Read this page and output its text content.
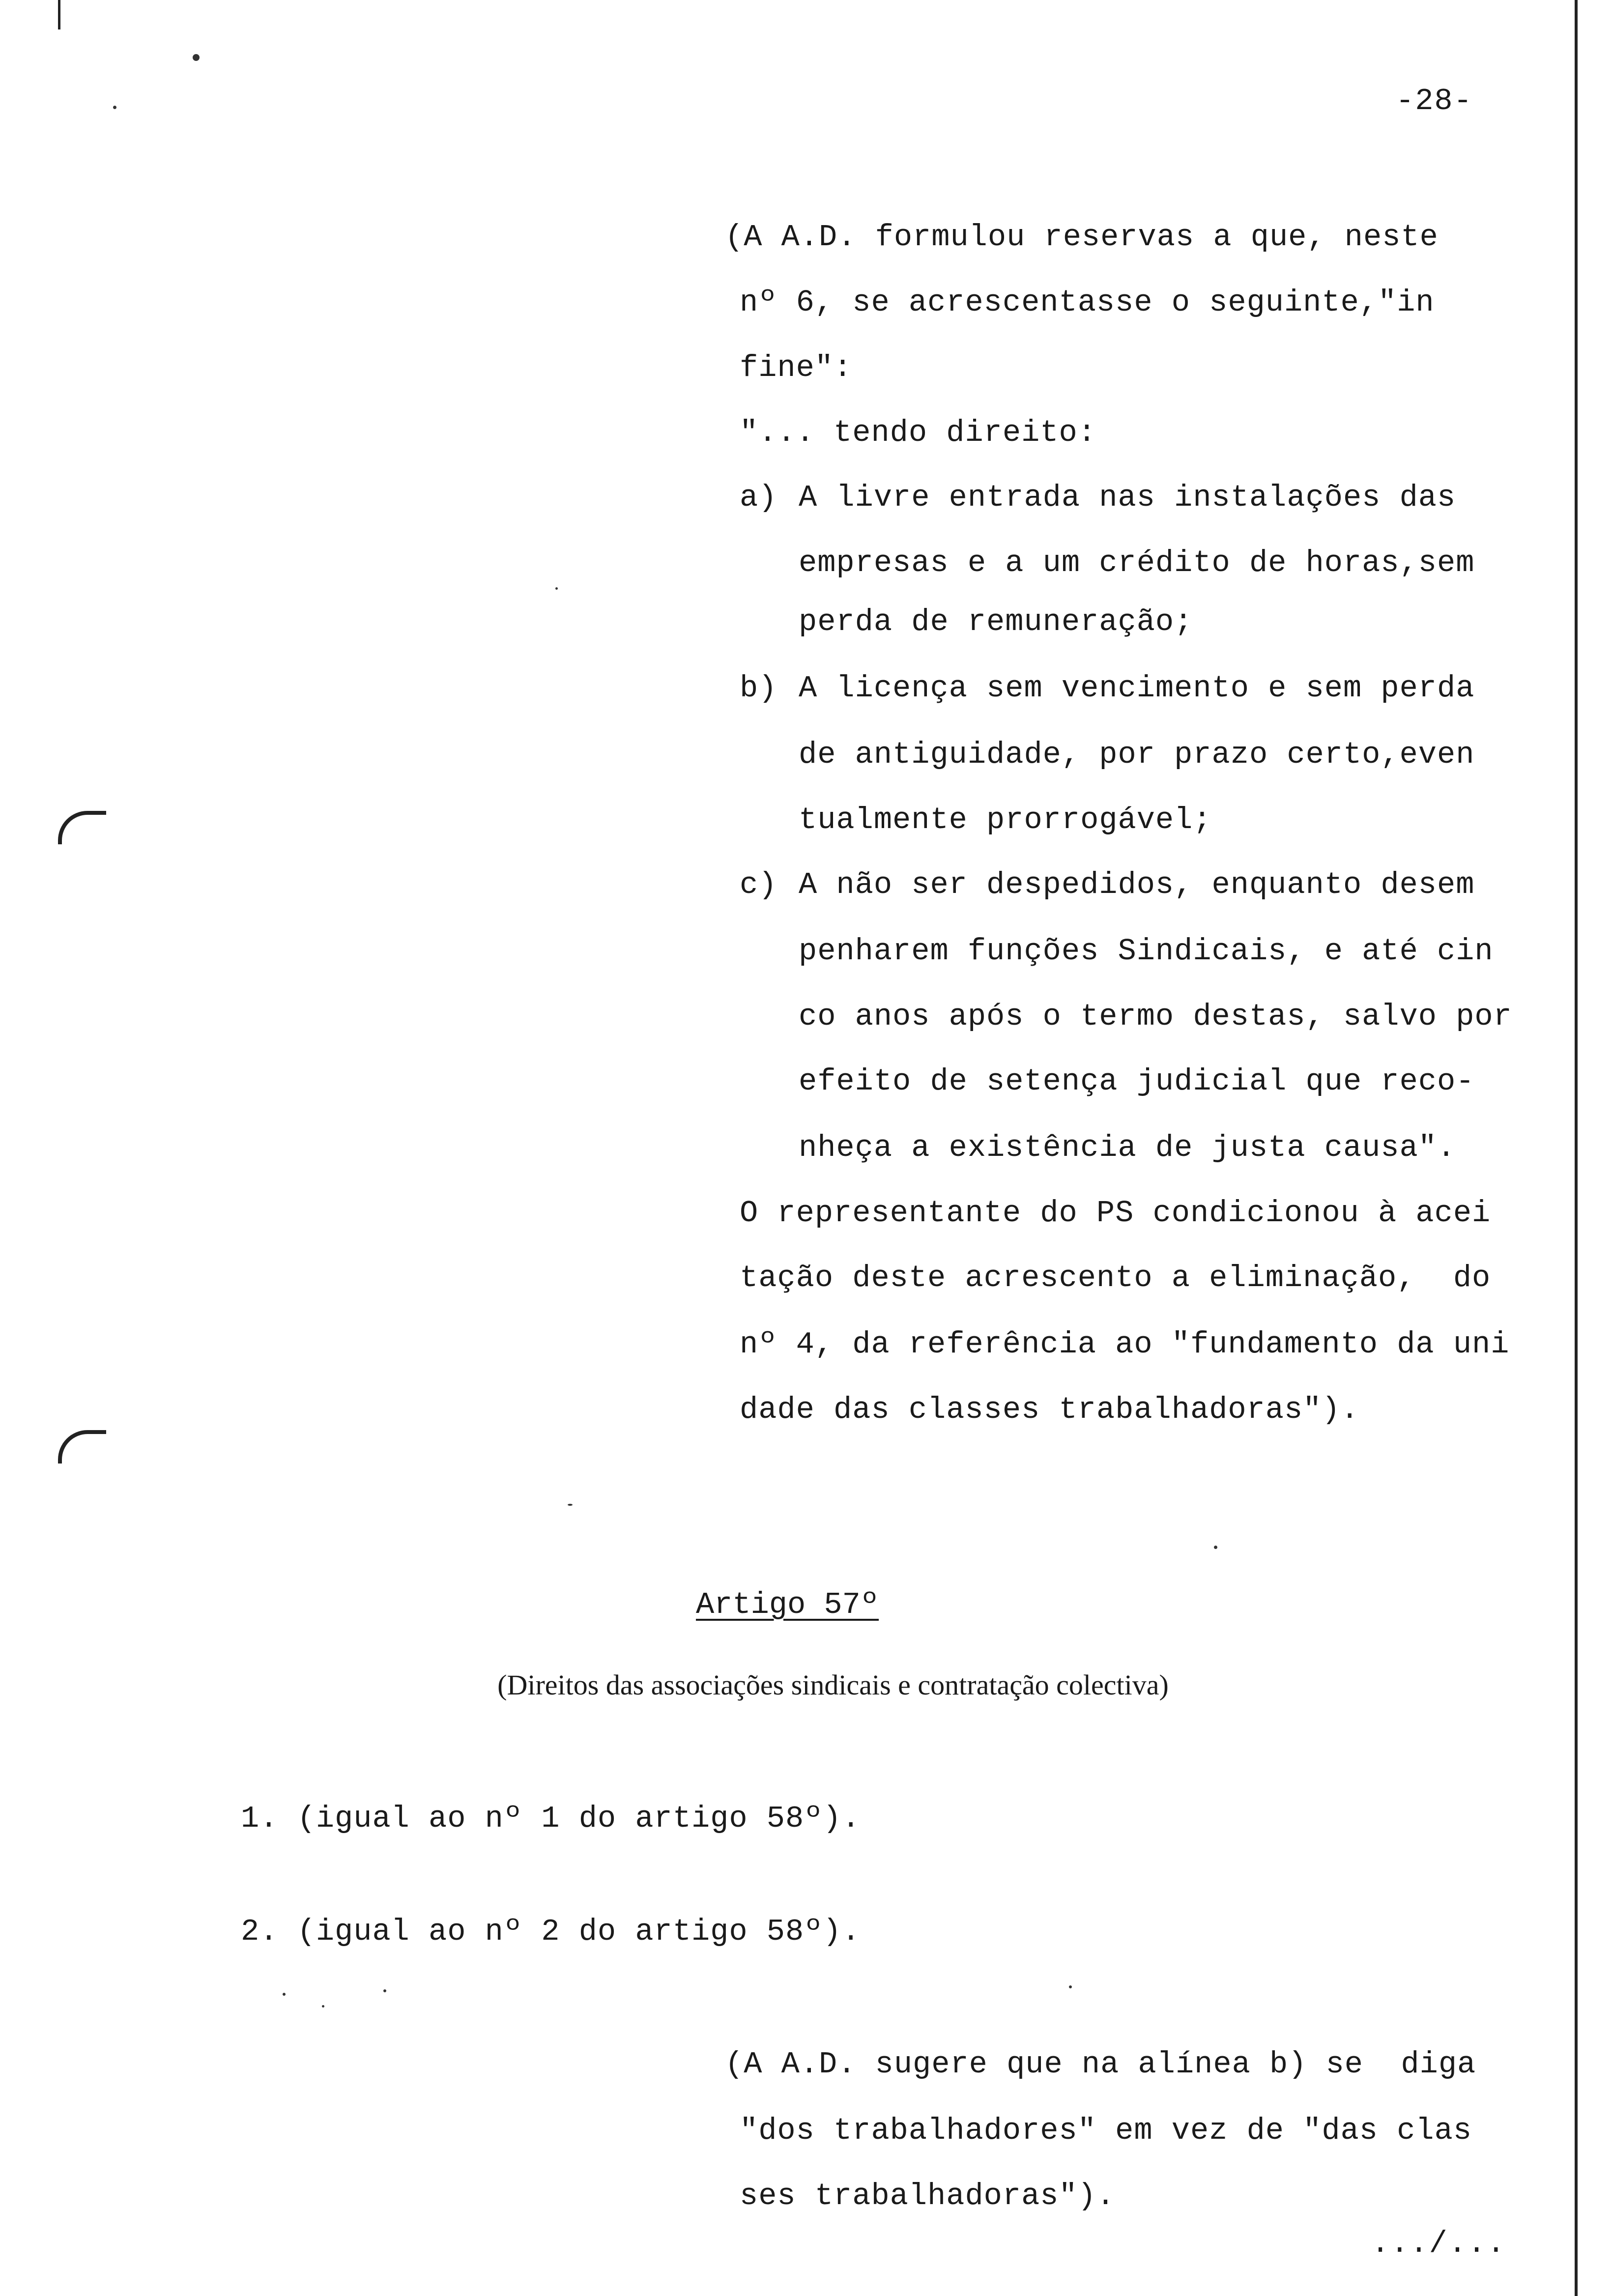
-28-
(A A.D. formulou reservas a que, neste
nº 6, se acrescentasse o seguinte,"in
fine":
"... tendo direito:
a) A livre entrada nas instalações das
empresas e a um crédito de horas,sem
perda de remuneração;
b) A licença sem vencimento e sem perda
de antiguidade, por prazo certo,even
tualmente prorrogável;
c) A não ser despedidos, enquanto desem
penharem funções Sindicais, e até cin
co anos após o termo destas, salvo por
efeito de setença judicial que reco-
nheça a existência de justa causa".
O representante do PS condicionou à acei
tação deste acrescento a eliminação,  do
nº 4, da referência ao "fundamento da uni
dade das classes trabalhadoras").
Artigo 57º
(Direitos das associações sindicais e contratação colectiva)
1. (igual ao nº 1 do artigo 58º).
2. (igual ao nº 2 do artigo 58º).
(A A.D. sugere que na alínea b) se  diga
"dos trabalhadores" em vez de "das clas
ses trabalhadoras").
.../...
